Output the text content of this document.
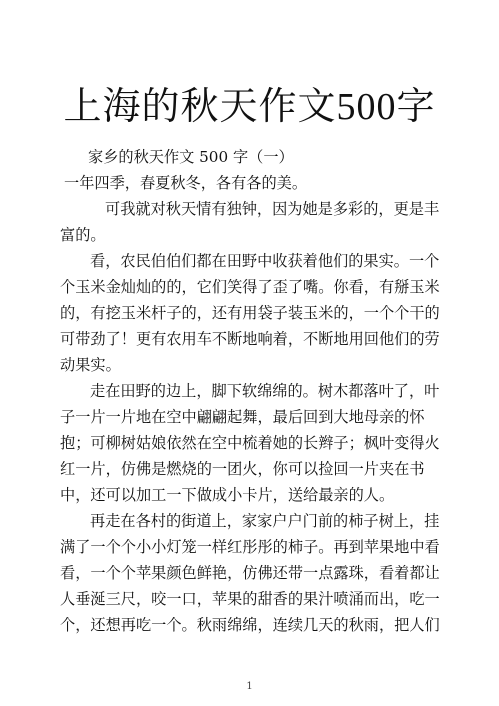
上海的秋天作文500字

家乡的秋天作文 500 字（一）

一年四季，春夏秋冬，各有各的美。

可我就对秋天情有独钟，因为她是多彩的，更是丰富的。

看，农民伯伯们都在田野中收获着他们的果实。一个个玉米金灿灿的的，它们笑得了歪了嘴。你看，有掰玉米的，有挖玉米杆子的，还有用袋子装玉米的，一个个干的可带劲了！更有农用车不断地响着，不断地用回他们的劳动果实。

走在田野的边上，脚下软绵绵的。树木都落叶了，叶子一片一片地在空中翩翩起舞，最后回到大地母亲的怀抱；可柳树姑娘依然在空中梳着她的长辫子；枫叶变得火红一片，仿佛是燃烧的一团火，你可以捡回一片夹在书中，还可以加工一下做成小卡片，送给最亲的人。

再走在各村的街道上，家家户户门前的柿子树上，挂满了一个个小小灯笼一样红彤彤的柿子。再到苹果地中看看，一个个苹果颜色鲜艳，仿佛还带一点露珠，看着都让人垂涎三尺，咬一口，苹果的甜香的果汁喷涌而出，吃一个，还想再吃一个。秋雨绵绵，连续几天的秋雨，把人们

1
